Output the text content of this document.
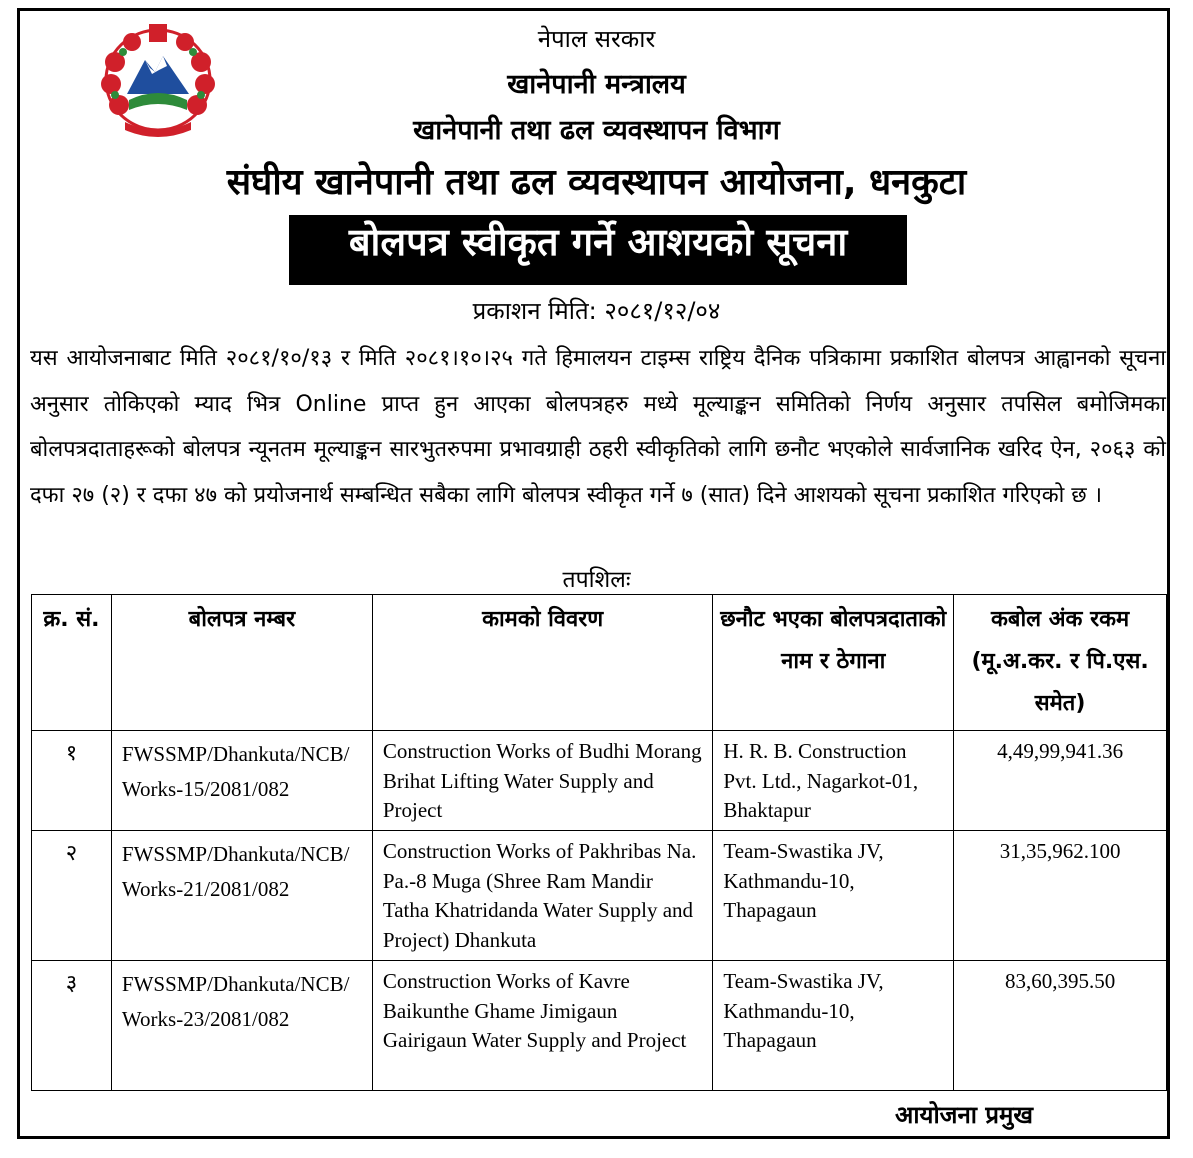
नेपाल सरकार
खानेपानी मन्त्रालय
खानेपानी तथा ढल व्यवस्थापन विभाग
संघीय खानेपानी तथा ढल व्यवस्थापन आयोजना, धनकुटा
बोलपत्र स्वीकृत गर्ने आशयको सूचना
प्रकाशन मिति: २०८१/१२/०४
यस आयोजनाबाट मिति २०८१/१०/१३ र मिति २०८१।१०।२५ गते हिमालयन टाइम्स राष्ट्रिय दैनिक पत्रिकामा प्रकाशित बोलपत्र आह्वानको सूचना अनुसार तोकिएको म्याद भित्र Online प्राप्त हुन आएका बोलपत्रहरु मध्ये मूल्याङ्कन समितिको निर्णय अनुसार तपसिल बमोजिमका बोलपत्रदाताहरूको बोलपत्र न्यूनतम मूल्याङ्कन सारभुतरुपमा प्रभावग्राही ठहरी स्वीकृतिको लागि छनौट भएकोले सार्वजानिक खरिद ऐन, २०६३ को दफा २७ (२) र दफा ४७ को प्रयोजनार्थ सम्बन्धित सबैका लागि बोलपत्र स्वीकृत गर्ने ७ (सात) दिने आशयको सूचना प्रकाशित गरिएको छ ।
तपशिलः
क्र. सं.	बोलपत्र नम्बर	कामको विवरण	छनौट भएका बोलपत्रदाताको नाम र ठेगाना	कबोल अंक रकम (मू.अ.कर. र पि.एस. समेत)
१	FWSSMP/Dhankuta/NCB/ Works-15/2081/082	Construction Works of Budhi Morang Brihat Lifting Water Supply and Project	H. R. B. Construction Pvt. Ltd., Nagarkot-01, Bhaktapur	4,49,99,941.36
२	FWSSMP/Dhankuta/NCB/ Works-21/2081/082	Construction Works of Pakhribas Na. Pa.-8 Muga (Shree Ram Mandir Tatha Khatridanda Water Supply and Project) Dhankuta	Team-Swastika JV, Kathmandu-10, Thapagaun	31,35,962.100
३	FWSSMP/Dhankuta/NCB/ Works-23/2081/082	Construction Works of Kavre Baikunthe Ghame Jimigaun Gairigaun Water Supply and Project	Team-Swastika JV, Kathmandu-10, Thapagaun	83,60,395.50
आयोजना प्रमुख
